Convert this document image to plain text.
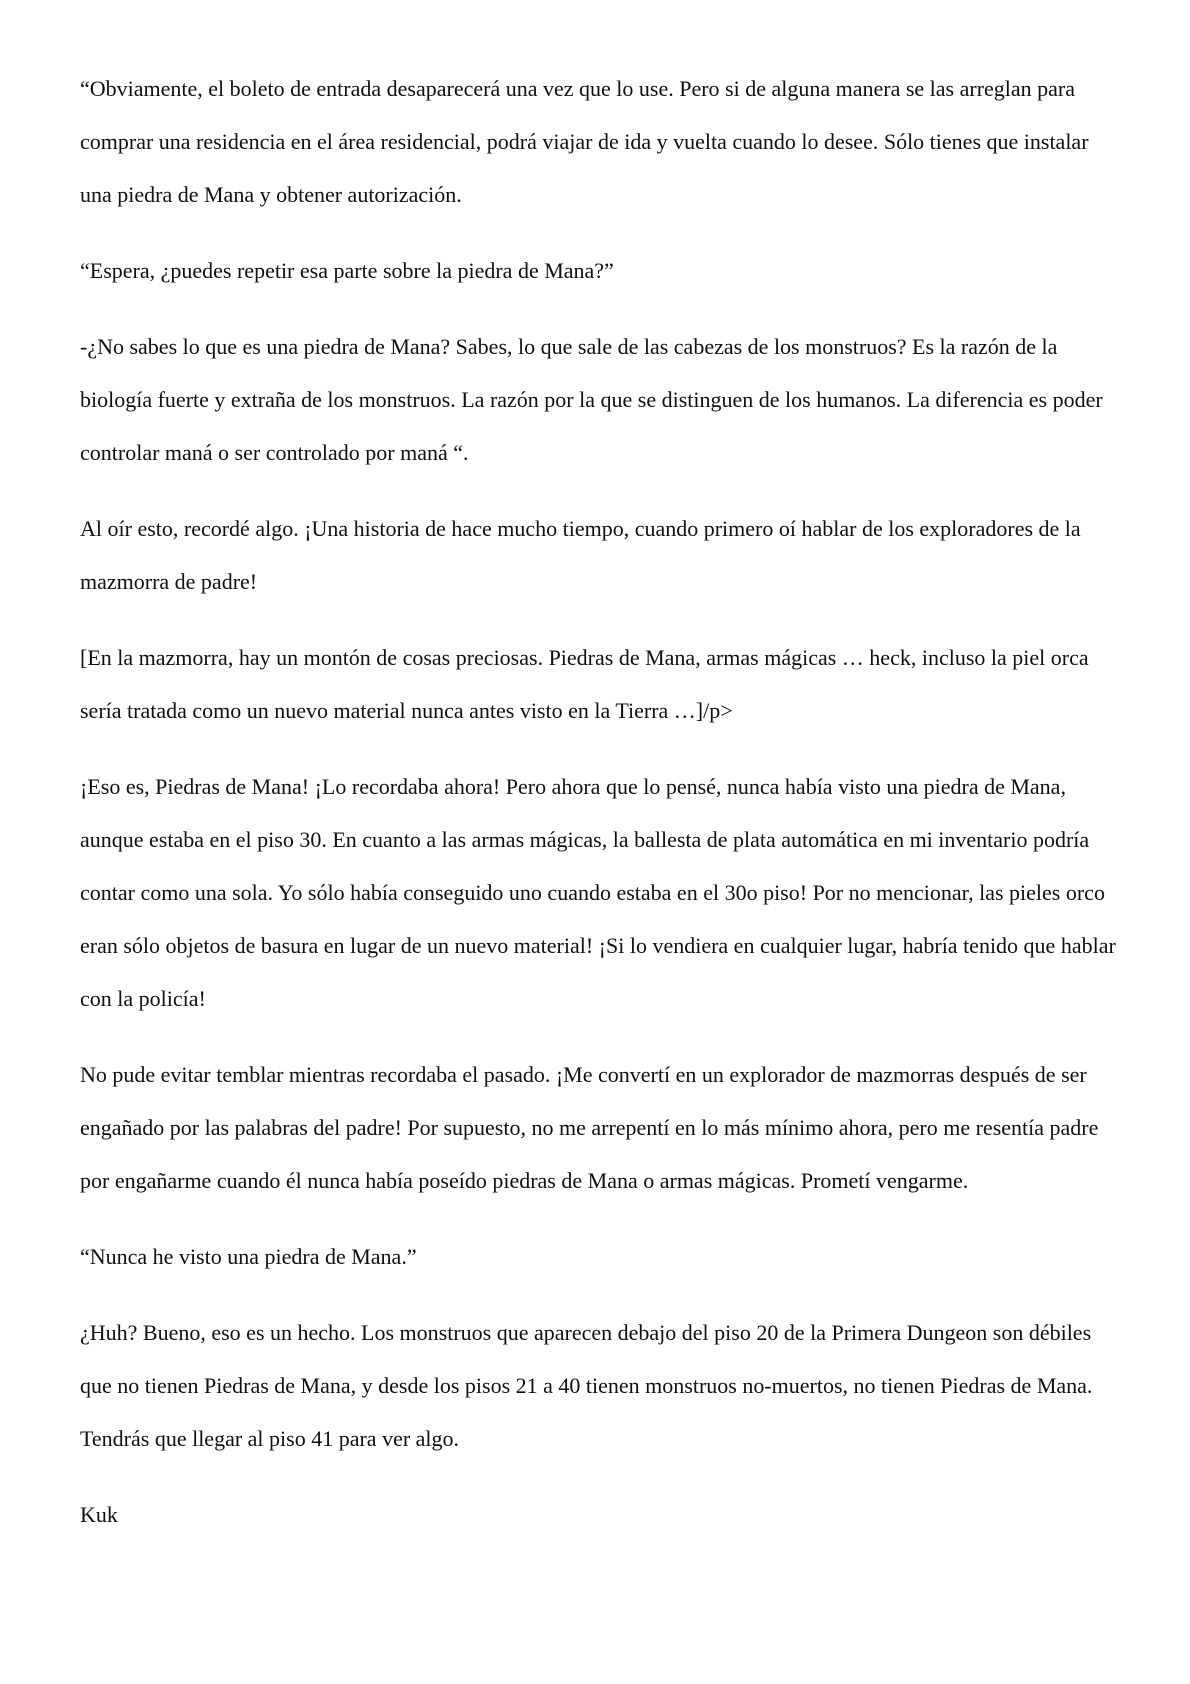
“Obviamente, el boleto de entrada desaparecerá una vez que lo use. Pero si de alguna manera se las arreglan para comprar una residencia en el área residencial, podrá viajar de ida y vuelta cuando lo desee. Sólo tienes que instalar una piedra de Mana y obtener autorización.

“Espera, ¿puedes repetir esa parte sobre la piedra de Mana?”

-¿No sabes lo que es una piedra de Mana? Sabes, lo que sale de las cabezas de los monstruos? Es la razón de la biología fuerte y extraña de los monstruos. La razón por la que se distinguen de los humanos. La diferencia es poder controlar maná o ser controlado por maná “.

Al oír esto, recordé algo. ¡Una historia de hace mucho tiempo, cuando primero oí hablar de los exploradores de la mazmorra de padre!

[En la mazmorra, hay un montón de cosas preciosas. Piedras de Mana, armas mágicas … heck, incluso la piel orca sería tratada como un nuevo material nunca antes visto en la Tierra …]/p>

¡Eso es, Piedras de Mana! ¡Lo recordaba ahora! Pero ahora que lo pensé, nunca había visto una piedra de Mana, aunque estaba en el piso 30. En cuanto a las armas mágicas, la ballesta de plata automática en mi inventario podría contar como una sola. Yo sólo había conseguido uno cuando estaba en el 30o piso! Por no mencionar, las pieles orco eran sólo objetos de basura en lugar de un nuevo material! ¡Si lo vendiera en cualquier lugar, habría tenido que hablar con la policía!

No pude evitar temblar mientras recordaba el pasado. ¡Me convertí en un explorador de mazmorras después de ser engañado por las palabras del padre! Por supuesto, no me arrepentí en lo más mínimo ahora, pero me resentía padre por engañarme cuando él nunca había poseído piedras de Mana o armas mágicas. Prometí vengarme.

“Nunca he visto una piedra de Mana.”

¿Huh? Bueno, eso es un hecho. Los monstruos que aparecen debajo del piso 20 de la Primera Dungeon son débiles que no tienen Piedras de Mana, y desde los pisos 21 a 40 tienen monstruos no-muertos, no tienen Piedras de Mana. Tendrás que llegar al piso 41 para ver algo.

Kuk
